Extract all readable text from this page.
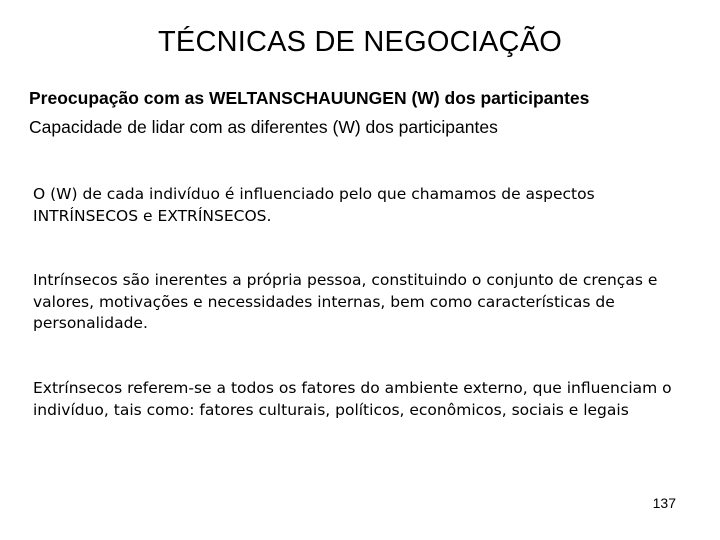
TÉCNICAS DE NEGOCIAÇÃO
Preocupação com as WELTANSCHAUUNGEN (W) dos participantes
Capacidade de lidar com as diferentes (W) dos participantes
O (W) de cada indivíduo é influenciado pelo que chamamos de aspectos INTRÍNSECOS e EXTRÍNSECOS.
Intrínsecos são inerentes a própria pessoa, constituindo o conjunto de crenças e valores, motivações e necessidades internas, bem como características de personalidade.
Extrínsecos referem-se a todos os fatores do ambiente externo, que influenciam o indivíduo, tais como: fatores culturais, políticos, econômicos, sociais e legais
137
